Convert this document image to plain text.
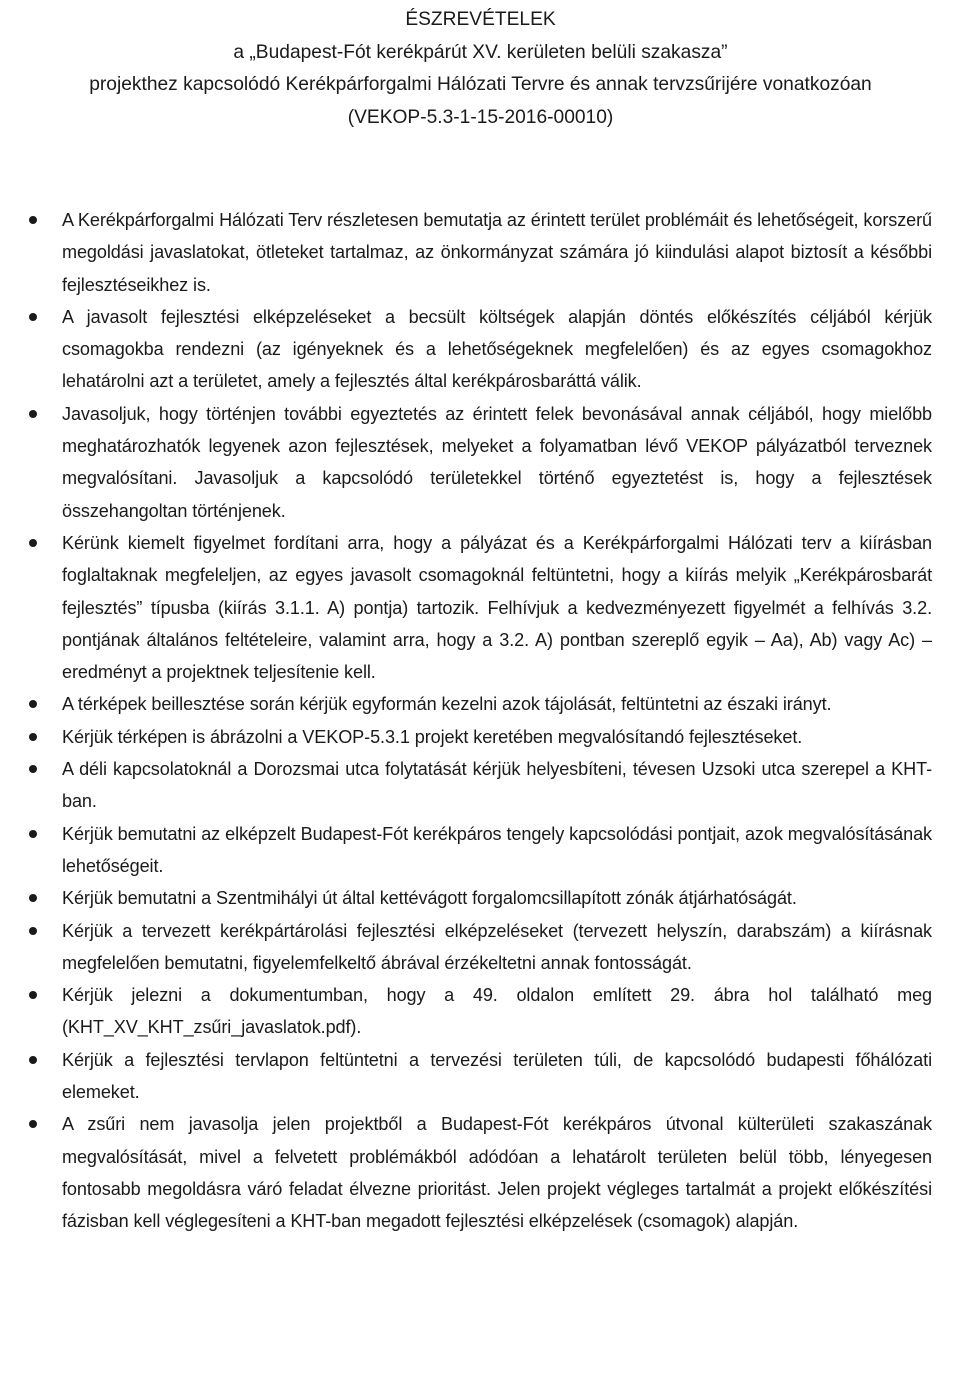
ÉSZREVÉTELEK
a „Budapest-Fót kerékpárút XV. kerületen belüli szakasza”
projekthez kapcsolódó Kerékpárforgalmi Hálózati Tervre és annak tervzsűrijére vonatkozóan
(VEKOP-5.3-1-15-2016-00010)
A Kerékpárforgalmi Hálózati Terv részletesen bemutatja az érintett terület problémáit és lehetőségeit, korszerű megoldási javaslatokat, ötleteket tartalmaz, az önkormányzat számára jó kiindulási alapot biztosít a későbbi fejlesztéseikhez is.
A javasolt fejlesztési elképzeléseket a becsült költségek alapján döntés előkészítés céljából kérjük csomagokba rendezni (az igényeknek és a lehetőségeknek megfelelően) és az egyes csomagokhoz lehatárolni azt a területet, amely a fejlesztés által kerékpárosbaráttá válik.
Javasoljuk, hogy történjen további egyeztetés az érintett felek bevonásával annak céljából, hogy mielőbb meghatározhatók legyenek azon fejlesztések, melyeket a folyamatban lévő VEKOP pályázatból terveznek megvalósítani. Javasoljuk a kapcsolódó területekkel történő egyeztetést is, hogy a fejlesztések összehangoltan történjenek.
Kérünk kiemelt figyelmet fordítani arra, hogy a pályázat és a Kerékpárforgalmi Hálózati terv a kiírásban foglaltaknak megfeleljen, az egyes javasolt csomagoknál feltüntetni, hogy a kiírás melyik „Kerékpárosbarát fejlesztés” típusba (kiírás 3.1.1. A) pontja) tartozik. Felhívjuk a kedvezményezett figyelmét a felhívás 3.2. pontjának általános feltételeire, valamint arra, hogy a 3.2. A) pontban szereplő egyik – Aa), Ab) vagy Ac) – eredményt a projektnek teljesítenie kell.
A térképek beillesztése során kérjük egyformán kezelni azok tájolását, feltüntetni az északi irányt.
Kérjük térképen is ábrázolni a VEKOP-5.3.1 projekt keretében megvalósítandó fejlesztéseket.
A déli kapcsolatoknál a Dorozsmai utca folytatását kérjük helyesbíteni, tévesen Uzsoki utca szerepel a KHT-ban.
Kérjük bemutatni az elképzelt Budapest-Fót kerékpáros tengely kapcsolódási pontjait, azok megvalósításának lehetőségeit.
Kérjük bemutatni a Szentmihályi út által kettévágott forgalomcsillapított zónák átjárhatóságát.
Kérjük a tervezett kerékpártárolási fejlesztési elképzeléseket (tervezett helyszín, darabszám) a kiírásnak megfelelően bemutatni, figyelemfelkeltő ábrával érzékeltetni annak fontosságát.
Kérjük jelezni a dokumentumban, hogy a 49. oldalon említett 29. ábra hol található meg (KHT_XV_KHT_zsűri_javaslatok.pdf).
Kérjük a fejlesztési tervlapon feltüntetni a tervezési területen túli, de kapcsolódó budapesti főhálózati elemeket.
A zsűri nem javasolja jelen projektből a Budapest-Fót kerékpáros útvonal külterületi szakaszának megvalósítását, mivel a felvetett problémákból adódóan a lehatárolt területen belül több, lényegesen fontosabb megoldásra váró feladat élvezne prioritást. Jelen projekt végleges tartalmát a projekt előkészítési fázisban kell véglegesíteni a KHT-ban megadott fejlesztési elképzelések (csomagok) alapján.
